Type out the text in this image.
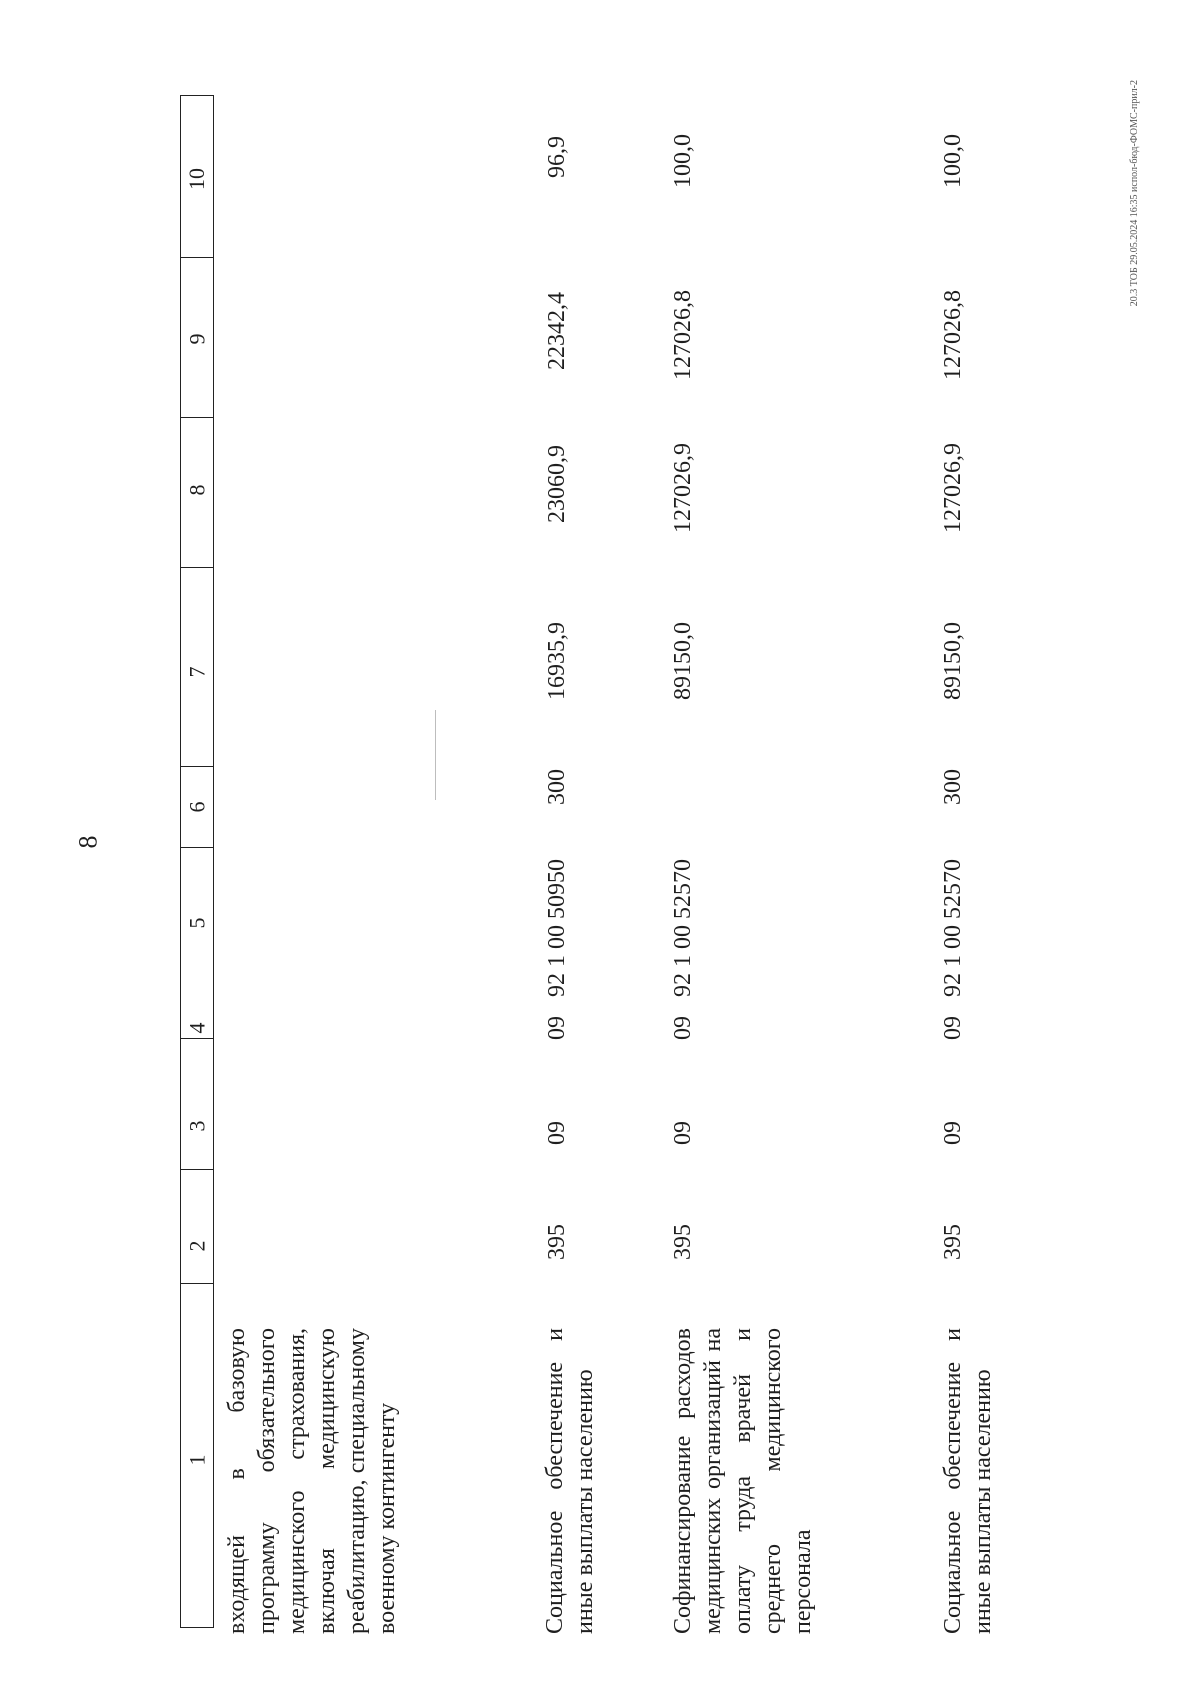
1
2
3
4
5
6
7
8
9
10
входящей в базовую программу обязательного медицинского страхования, включая медицинскую реабилитацию, специальному военному контингенту	Социальное обеспечение и иные выплаты населению
395
09
09
92 1 00 50950
300
16935,9
23060,9
22342,4
96,9
Софинансирование расходов медицинских организаций на оплату труда врачей и среднего медицинского персонала
395
09
09
92 1 00 52570
89150,0
127026,9
127026,8
100,0
Социальное обеспечение и иные выплаты населению
395
09
09
92 1 00 52570
300
89150,0
127026,9
127026,8
100,0
8
20.3 ТОБ 29.05.2024 16:35 испол-бюд-ФОМС-прил-2
